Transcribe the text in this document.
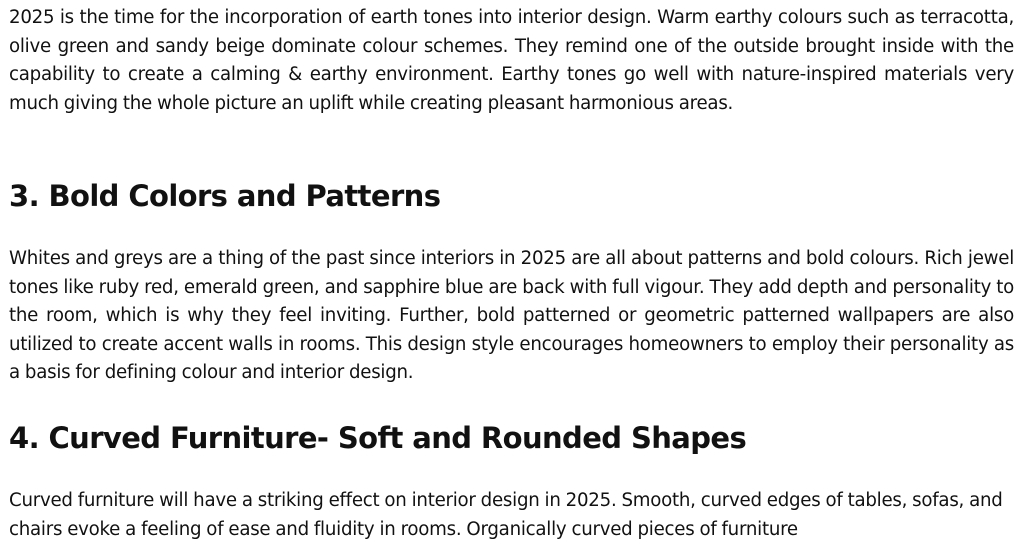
2025 is the time for the incorporation of earth tones into interior design. Warm earthy colours such as terracotta, olive green and sandy beige dominate colour schemes. They remind one of the outside brought inside with the capability to create a calming & earthy environment. Earthy tones go well with nature-inspired materials very much giving the whole picture an uplift while creating pleasant harmonious areas.

3. Bold Colors and Patterns

Whites and greys are a thing of the past since interiors in 2025 are all about patterns and bold colours. Rich jewel tones like ruby red, emerald green, and sapphire blue are back with full vigour. They add depth and personality to the room, which is why they feel inviting. Further, bold patterned or geometric patterned wallpapers are also utilized to create accent walls in rooms. This design style encourages homeowners to employ their personality as a basis for defining colour and interior design.

4. Curved Furniture- Soft and Rounded Shapes

Curved furniture will have a striking effect on interior design in 2025. Smooth, curved edges of tables, sofas, and chairs evoke a feeling of ease and fluidity in rooms. Organically curved pieces of furniture
